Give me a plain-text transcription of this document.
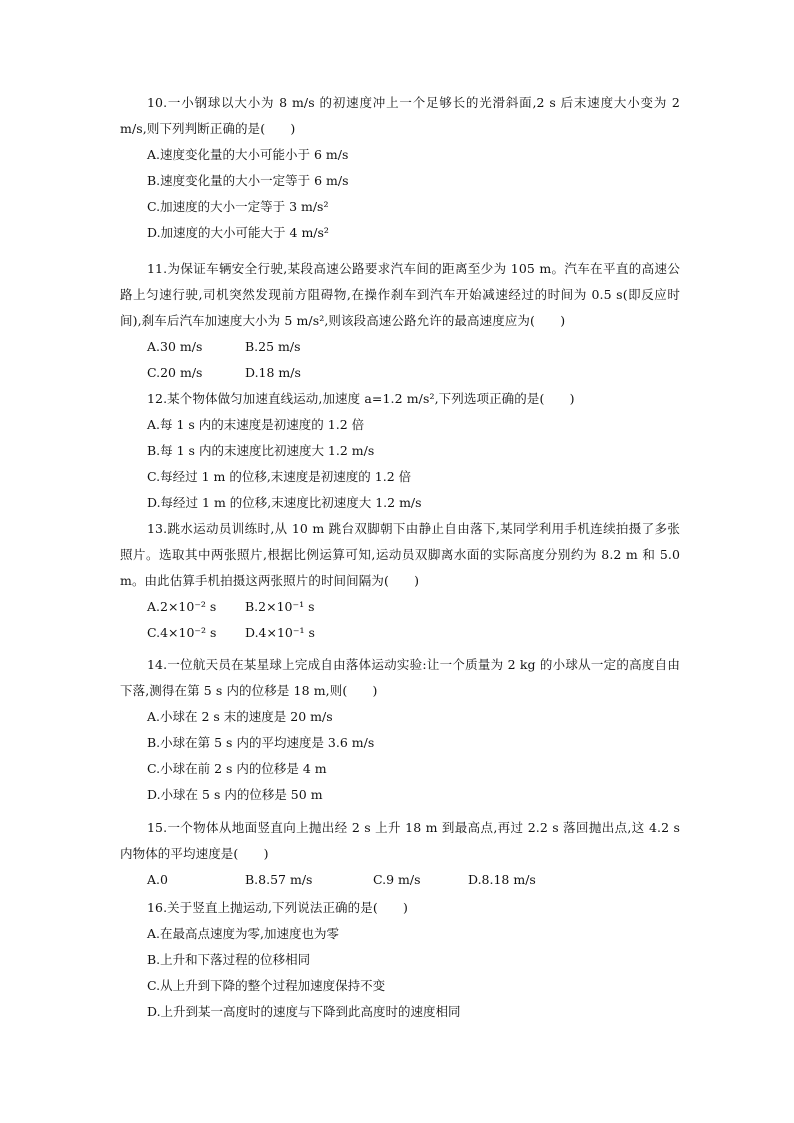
10.一小钢球以大小为 8 m/s 的初速度冲上一个足够长的光滑斜面,2 s 后末速度大小变为 2 m/s,则下列判断正确的是(　　)

A.速度变化量的大小可能小于 6 m/s
B.速度变化量的大小一定等于 6 m/s
C.加速度的大小一定等于 3 m/s²
D.加速度的大小可能大于 4 m/s²

11.为保证车辆安全行驶,某段高速公路要求汽车间的距离至少为 105 m。汽车在平直的高速公路上匀速行驶,司机突然发现前方阻碍物,在操作刹车到汽车开始减速经过的时间为 0.5 s(即反应时间),刹车后汽车加速度大小为 5 m/s²,则该段高速公路允许的最高速度应为(　　)

A.30 m/s	B.25 m/s
C.20 m/s	D.18 m/s

12.某个物体做匀加速直线运动,加速度 a=1.2 m/s²,下列选项正确的是(　　)

A.每 1 s 内的末速度是初速度的 1.2 倍
B.每 1 s 内的末速度比初速度大 1.2 m/s
C.每经过 1 m 的位移,末速度是初速度的 1.2 倍
D.每经过 1 m 的位移,末速度比初速度大 1.2 m/s

13.跳水运动员训练时,从 10 m 跳台双脚朝下由静止自由落下,某同学利用手机连续拍摄了多张照片。选取其中两张照片,根据比例运算可知,运动员双脚离水面的实际高度分别约为 8.2 m 和 5.0 m。由此估算手机拍摄这两张照片的时间间隔为(　　)

A.2×10⁻² s	B.2×10⁻¹ s
C.4×10⁻² s	D.4×10⁻¹ s

14.一位航天员在某星球上完成自由落体运动实验:让一个质量为 2 kg 的小球从一定的高度自由下落,测得在第 5 s 内的位移是 18 m,则(　　)

A.小球在 2 s 末的速度是 20 m/s
B.小球在第 5 s 内的平均速度是 3.6 m/s
C.小球在前 2 s 内的位移是 4 m
D.小球在 5 s 内的位移是 50 m

15.一个物体从地面竖直向上抛出经 2 s 上升 18 m 到最高点,再过 2.2 s 落回抛出点,这 4.2 s 内物体的平均速度是(　　)

A.0	B.8.57 m/s	C.9 m/s	D.8.18 m/s

16.关于竖直上抛运动,下列说法正确的是(　　)

A.在最高点速度为零,加速度也为零
B.上升和下落过程的位移相同
C.从上升到下降的整个过程加速度保持不变
D.上升到某一高度时的速度与下降到此高度时的速度相同
